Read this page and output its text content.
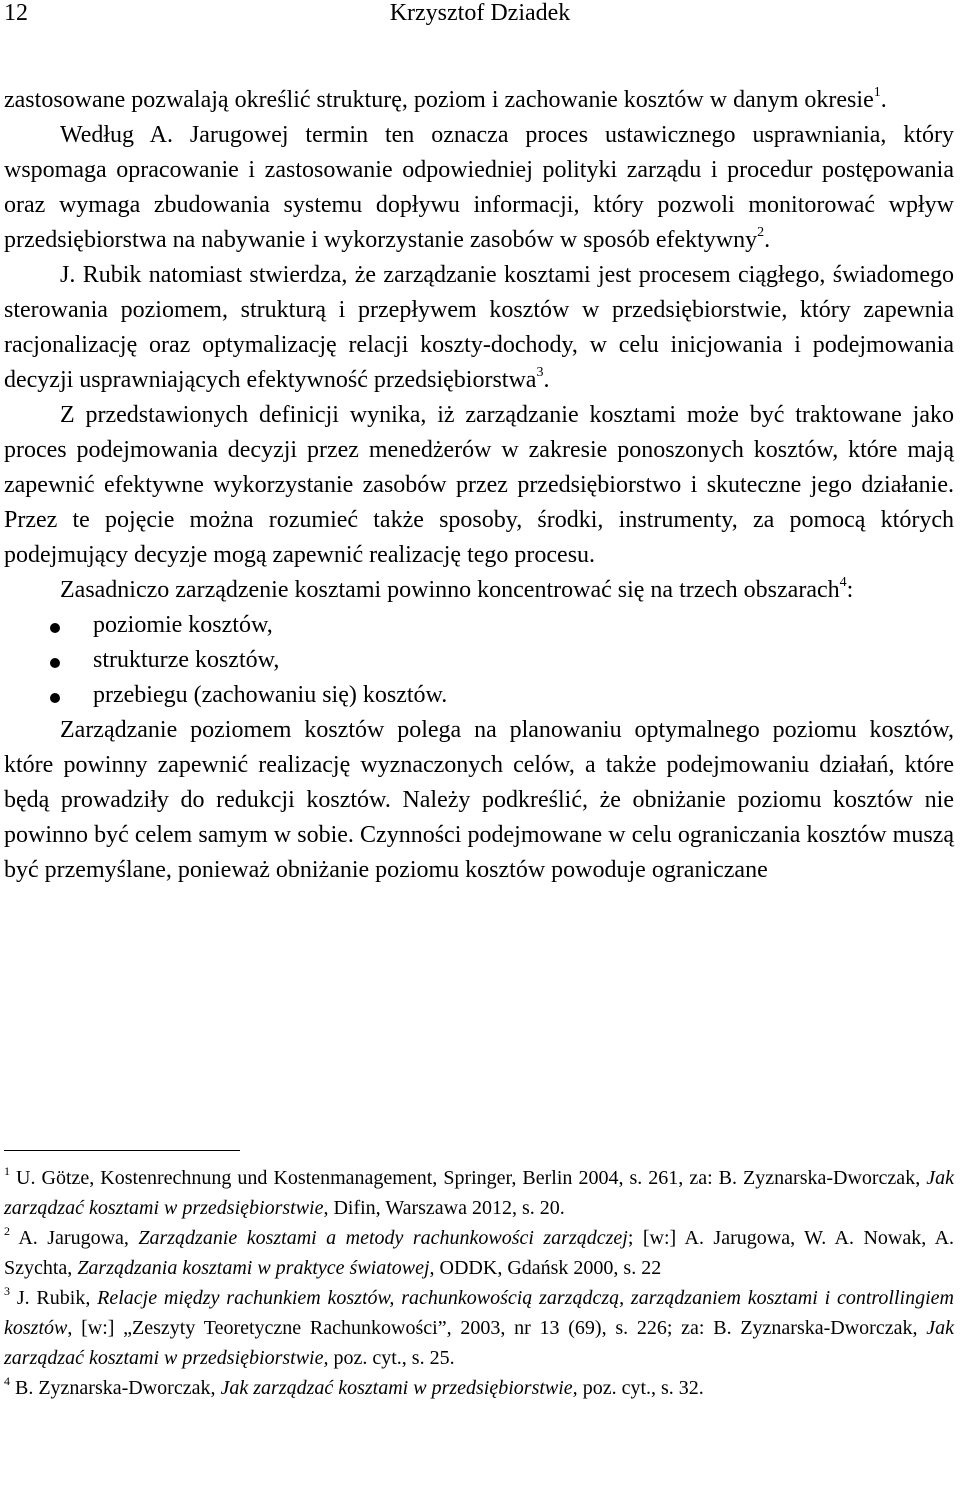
12	Krzysztof Dziadek

zastosowane pozwalają określić strukturę, poziom i zachowanie kosztów w danym okresie$^1$.

Według A. Jarugowej termin ten oznacza proces ustawicznego usprawniania, który wspomaga opracowanie i zastosowanie odpowiedniej polityki zarządu i procedur postępowania oraz wymaga zbudowania systemu dopływu informacji, który pozwoli monitorować wpływ przedsiębiorstwa na nabywanie i wykorzystanie zasobów w sposób efektywny$^2$.

J. Rubik natomiast stwierdza, że zarządzanie kosztami jest procesem ciągłego, świadomego sterowania poziomem, strukturą i przepływem kosztów w przedsiębiorstwie, który zapewnia racjonalizację oraz optymalizację relacji koszty-dochody, w celu inicjowania i podejmowania decyzji usprawniających efektywność przedsiębiorstwa$^3$.

Z przedstawionych definicji wynika, iż zarządzanie kosztami może być traktowane jako proces podejmowania decyzji przez menedżerów w zakresie ponoszonych kosztów, które mają zapewnić efektywne wykorzystanie zasobów przez przedsiębiorstwo i skuteczne jego działanie. Przez te pojęcie można rozumieć także sposoby, środki, instrumenty, za pomocą których podejmujący decyzje mogą zapewnić realizację tego procesu.

Zasadniczo zarządzenie kosztami powinno koncentrować się na trzech obszarach$^4$:

poziomie kosztów,
strukturze kosztów,
przebiegu (zachowaniu się) kosztów.

Zarządzanie poziomem kosztów polega na planowaniu optymalnego poziomu kosztów, które powinny zapewnić realizację wyznaczonych celów, a także podejmowaniu działań, które będą prowadziły do redukcji kosztów. Należy podkreślić, że obniżanie poziomu kosztów nie powinno być celem samym w sobie. Czynności podejmowane w celu ograniczania kosztów muszą być przemyślane, ponieważ obniżanie poziomu kosztów powoduje ograniczane

$^1$ U. Götze, Kostenrechnung und Kostenmanagement, Springer, Berlin 2004, s. 261, za: B. Zyznarska-Dworczak, Jak zarządzać kosztami w przedsiębiorstwie, Difin, Warszawa 2012, s. 20.

$^2$ A. Jarugowa, Zarządzanie kosztami a metody rachunkowości zarządczej; [w:] A. Jarugowa, W. A. Nowak, A. Szychta, Zarządzania kosztami w praktyce światowej, ODDK, Gdańsk 2000, s. 22

$^3$ J. Rubik, Relacje między rachunkiem kosztów, rachunkowością zarządczą, zarządzaniem kosztami i controllingiem kosztów, [w:] „Zeszyty Teoretyczne Rachunkowości”, 2003, nr 13 (69), s. 226; za: B. Zyznarska-Dworczak, Jak zarządzać kosztami w przedsiębiorstwie, poz. cyt., s. 25.

$^4$ B. Zyznarska-Dworczak, Jak zarządzać kosztami w przedsiębiorstwie, poz. cyt., s. 32.
